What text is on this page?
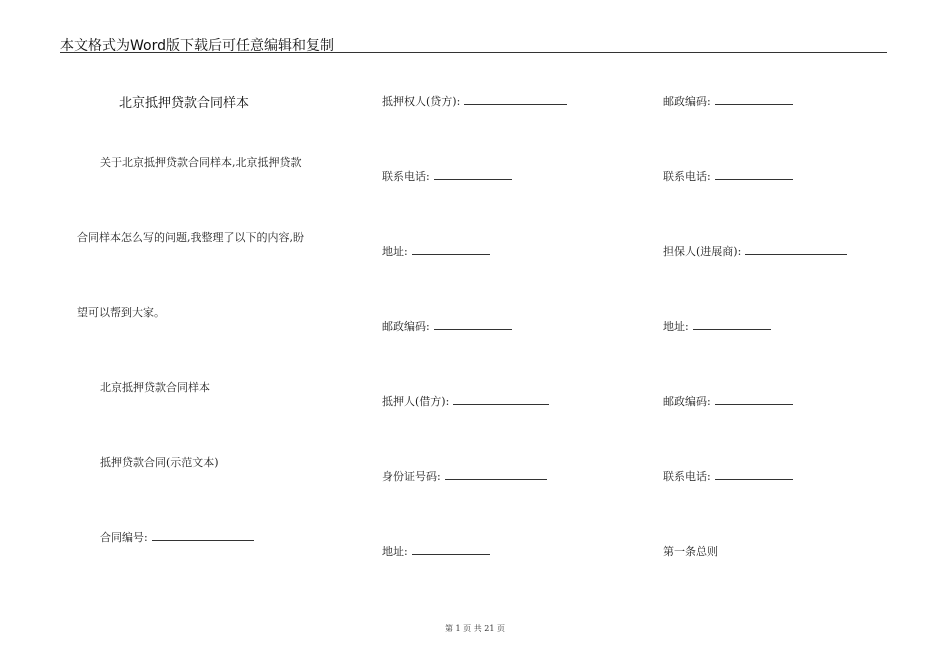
本文格式为Word版下载后可任意编辑和复制
北京抵押贷款合同样本
关于北京抵押贷款合同样本,北京抵押贷款
合同样本怎么写的问题,我整理了以下的内容,盼
望可以帮到大家。
北京抵押贷款合同样本
抵押贷款合同(示范文本)
合同编号:
抵押权人(贷方):
联系电话:
地址:
邮政编码:
抵押人(借方):
身份证号码:
地址:
邮政编码:
联系电话:
担保人(进展商):
地址:
邮政编码:
联系电话:
第一条总则
第 1 页 共 21 页
